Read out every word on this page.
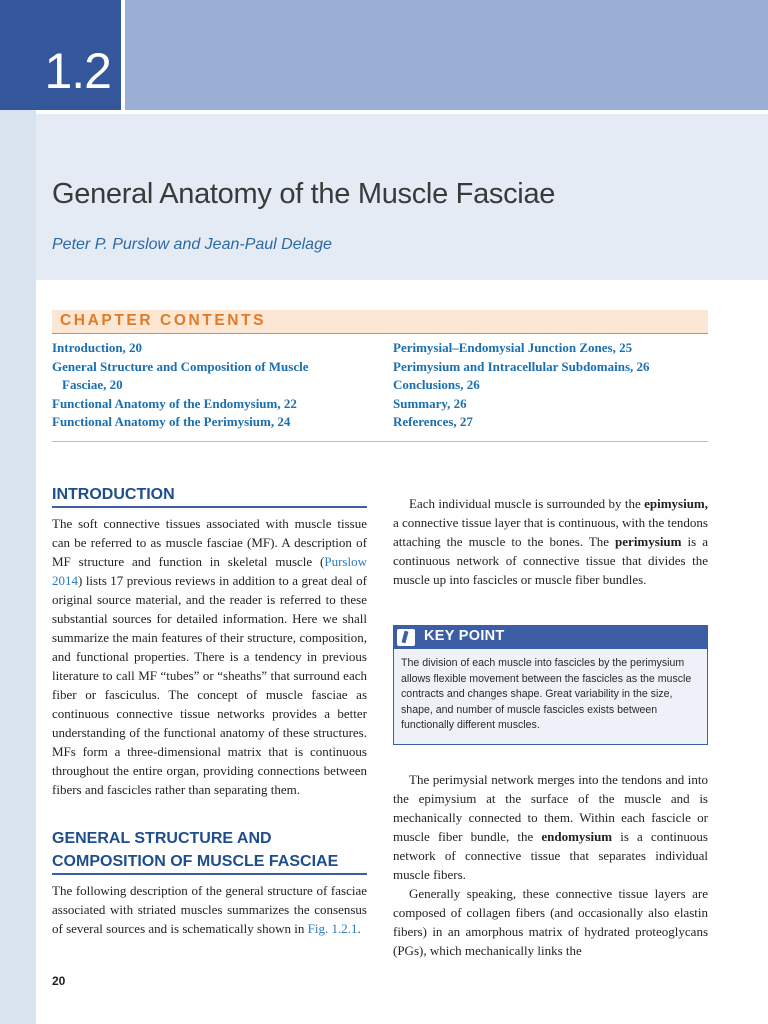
1.2
General Anatomy of the Muscle Fasciae
Peter P. Purslow and Jean-Paul Delage
CHAPTER CONTENTS
Introduction, 20
General Structure and Composition of Muscle
Fasciae, 20
Functional Anatomy of the Endomysium, 22
Functional Anatomy of the Perimysium, 24
Perimysial–Endomysial Junction Zones, 25
Perimysium and Intracellular Subdomains, 26
Conclusions, 26
Summary, 26
References, 27
INTRODUCTION

The soft connective tissues associated with muscle tissue can be referred to as muscle fasciae (MF). A description of MF structure and function in skeletal muscle (Purslow 2014) lists 17 previous reviews in addition to a great deal of original source material, and the reader is referred to these substantial sources for detailed information. Here we shall summarize the main features of their structure, composition, and functional properties. There is a tendency in previous literature to call MF “tubes” or “sheaths” that surround each fiber or fasciculus. The concept of muscle fasciae as continuous connective tissue networks provides a better understanding of the functional anatomy of these structures. MFs form a three-dimensional matrix that is continuous throughout the entire organ, providing connections between fibers and fascicles rather than separating them.

GENERAL STRUCTURE AND
COMPOSITION OF MUSCLE FASCIAE

The following description of the general structure of fasciae associated with striated muscles summarizes the consensus of several sources and is schematically shown in Fig. 1.2.1.

Each individual muscle is surrounded by the epimysium, a connective tissue layer that is continuous, with the tendons attaching the muscle to the bones. The perimysium is a continuous network of connective tissue that divides the muscle up into fascicles or muscle fiber bundles.

KEY POINT
The division of each muscle into fascicles by the perimysium allows flexible movement between the fascicles as the muscle contracts and changes shape. Great variability in the size, shape, and number of muscle fascicles exists between functionally different muscles.

The perimysial network merges into the tendons and into the epimysium at the surface of the muscle and is mechanically connected to them. Within each fascicle or muscle fiber bundle, the endomysium is a continuous network of connective tissue that separates individual muscle fibers.

Generally speaking, these connective tissue layers are composed of collagen fibers (and occasionally also elastin fibers) in an amorphous matrix of hydrated proteoglycans (PGs), which mechanically links the

20
